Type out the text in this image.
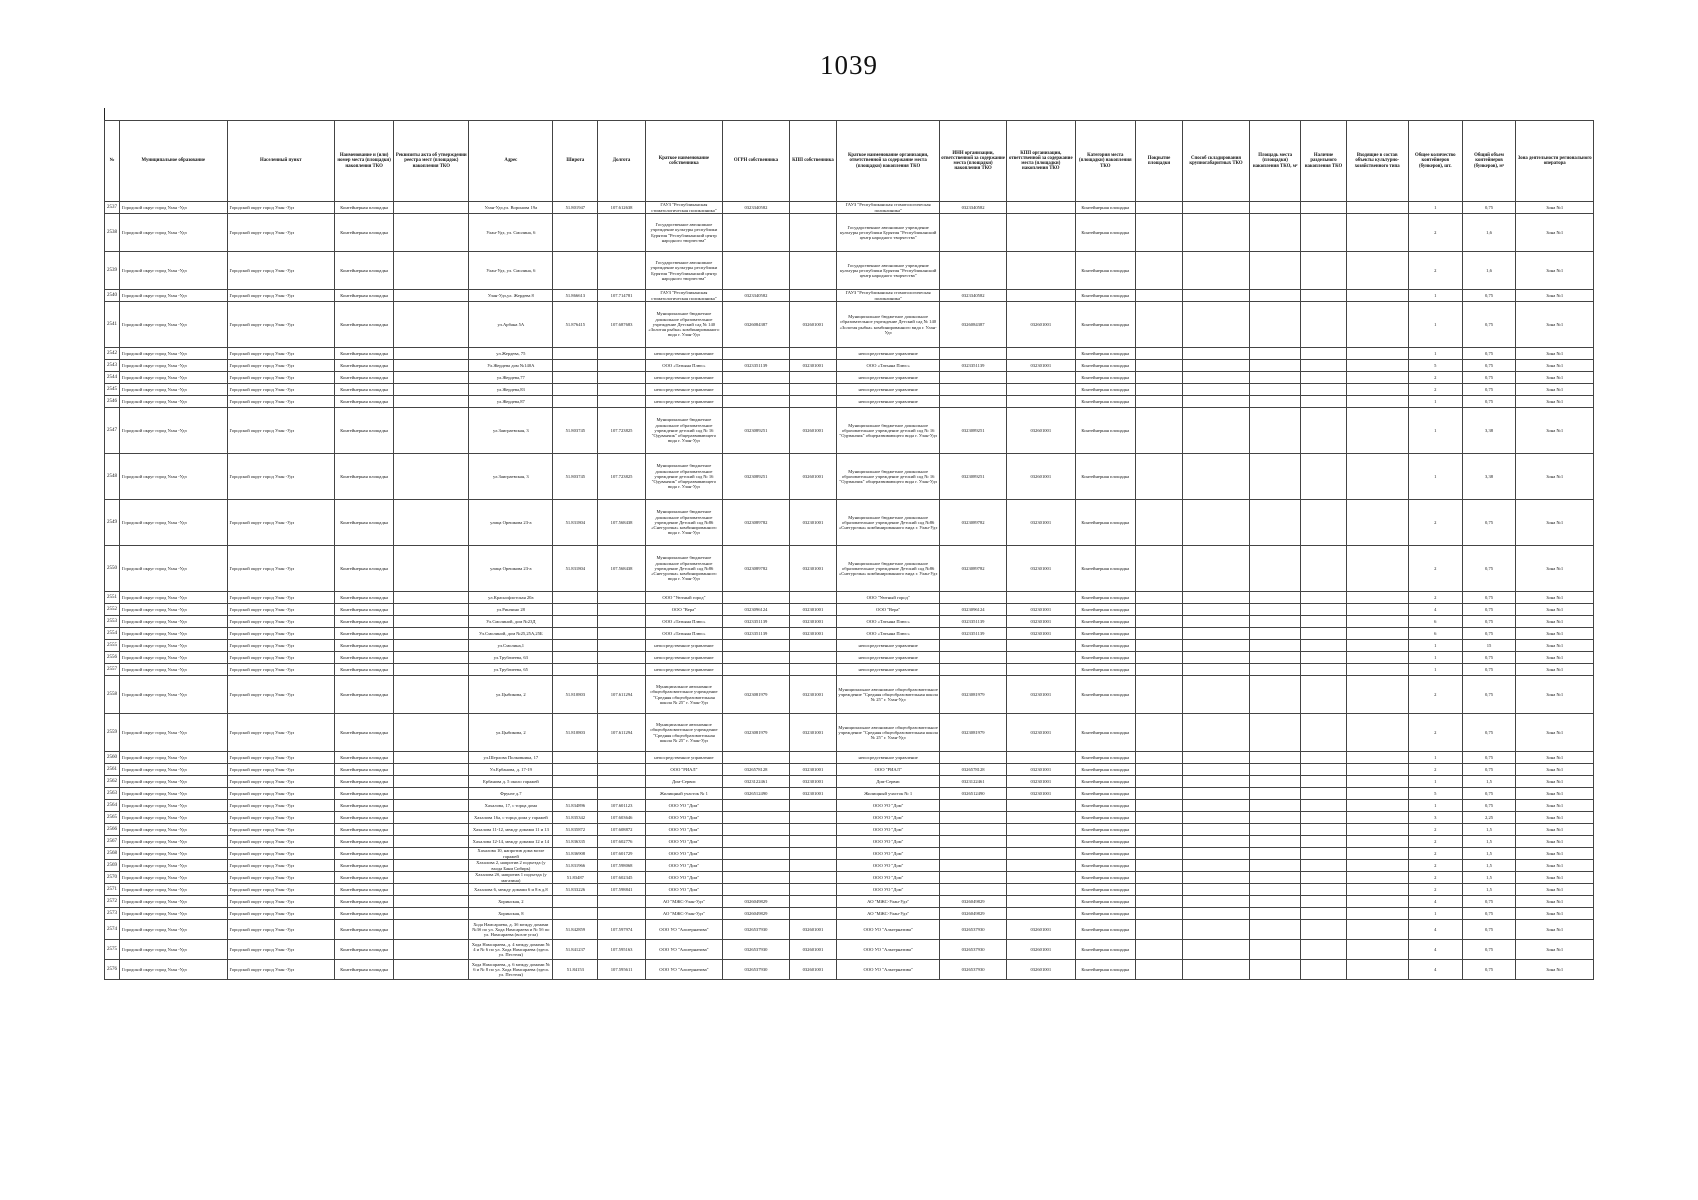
1039
№	Муниципальное образование	Населенный пункт	Наименование и (или) номер места (площадки) накопления ТКО	Реквизиты акта об утверждении реестра мест (площадок) накопления ТКО	Адрес	Широта	Долгота	Краткое наименование собственника	ОГРН собственника	КПП собственника	Краткое наименование организации, ответственной за содержание места (площадки) накопления ТКО	ИНН организации, ответственной за содержание места (площадки) накопления ТКО	КПП организации, ответственной за содержание места (площадки) накопления ТКО	Категория места (площадки) накопления ТКО	Покрытие площадки	Способ складирования крупногабаритных ТКО	Площадь места (площадки) накопления ТКО, м²	Наличие раздельного накопления ТКО	Входящие в состав объекты культурно-хозяйственного типа	Общее количество контейнеров (бункеров), шт.	Общий объем контейнеров (бункеров), м³	Зона деятельности регионального оператора
2537	Городской округ город Улан -Удэ	Городской округ город Улан -Удэ	Контейнерная площадка		Улан-Удэ,ул. Воронова 19а	51.801947	107.612638	ГАУЗ "Республиканская стоматологическая поликлиника"	0323340582		ГАУЗ "Республиканская стоматологическая поликлиника"	0323340582		Контейнерная площадка						1	0,75	Зона №1
2538	Городской округ город Улан -Удэ	Городской округ город Улан -Удэ	Контейнерная площадка		Улан-Удэ, ул. Смолина, 6			Государственное автономное учреждение культуры республики Бурятия "Республиканский центр народного творчества"			Государственное автономное учреждение культуры республики Бурятия "Республиканский центр народного творчества"			Контейнерная площадка						2	1,6	Зона №1
2539	Городской округ город Улан -Удэ	Городской округ город Улан -Удэ	Контейнерная площадка		Улан-Удэ, ул. Смолина, 6			Государственное автономное учреждение культуры республики Бурятия "Республиканский центр народного творчества"			Государственное автономное учреждение культуры республики Бурятия "Республиканский центр народного творчества"			Контейнерная площадка						2	1,6	Зона №1
2540	Городской округ город Улан -Удэ	Городской округ город Улан -Удэ	Контейнерная площадка		Улан-Удэ,ул. Жердева 8	51.866613	107.714781	ГАУЗ "Республиканская стоматологическая поликлиника"	0323340582		ГАУЗ "Республиканская стоматологическая поликлиника"	0323340582		Контейнерная площадка						1	0,75	Зона №1
2541	Городской округ город Улан -Удэ	Городской округ город Улан -Удэ	Контейнерная площадка		ул.Арбана 5А	51.876415	107.687683	Муниципальное бюджетное дошкольное образовательное учреждение Детский сад № 140 «Золотая рыбка» комбинированного вида г. Улан-Удэ	0326084387	032601001	Муниципальное бюджетное дошкольное образовательное учреждение Детский сад № 140 «Золотая рыбка» комбинированного вида г. Улан-Удэ	0326084387	032601001	Контейнерная площадка						1	0,75	Зона №1
2542	Городской округ город Улан -Удэ	Городской округ город Улан -Удэ	Контейнерная площадка		ул.Жердева, 75			непосредственное управление			непосредственное управление			Контейнерная площадка						1	0,75	Зона №1
2543	Городской округ город Улан -Удэ	Городской округ город Улан -Удэ	Контейнерная площадка		Ул.Жердева дом №140А			ООО «Татьяна Плюс»	0323351139	032301001	ООО «Татьяна Плюс»	0323351139	032301001	Контейнерная площадка						5	0,75	Зона №1
2544	Городской округ город Улан -Удэ	Городской округ город Улан -Удэ	Контейнерная площадка		ул.Жердева,77			непосредственное управление			непосредственное управление			Контейнерная площадка						2	0,75	Зона №1
2545	Городской округ город Улан -Удэ	Городской округ город Улан -Удэ	Контейнерная площадка		ул.Жердева,83			непосредственное управление			непосредственное управление			Контейнерная площадка						2	0,75	Зона №1
2546	Городской округ город Улан -Удэ	Городской округ город Улан -Удэ	Контейнерная площадка		ул.Жердева,87			непосредственное управление			непосредственное управление			Контейнерная площадка						1	0,75	Зона №1
2547	Городской округ город Улан -Удэ	Городской округ город Улан -Удэ	Контейнерная площадка		ул.Заиграевская, 3	51.803745	107.723825	Муниципальное бюджетное дошкольное образовательное учреждение детский сад № 16 "Одуванчик" общеразвивающего вида г. Улан-Удэ	0323089251	032601001	Муниципальное бюджетное дошкольное образовательное учреждение детский сад № 16 "Одуванчик" общеразвивающего вида г. Улан-Удэ	0323089251	032601001	Контейнерная площадка						1	3,38	Зона №1
2548	Городской округ город Улан -Удэ	Городской округ город Улан -Удэ	Контейнерная площадка		ул.Заиграевская, 3	51.803745	107.723825	Муниципальное бюджетное дошкольное образовательное учреждение детский сад № 16 "Одуванчик" общеразвивающего вида г. Улан-Удэ	0323089251	032601001	Муниципальное бюджетное дошкольное образовательное учреждение детский сад № 16 "Одуванчик" общеразвивающего вида г. Улан-Удэ	0323089251	032601001	Контейнерная площадка						1	3,38	Зона №1
2549	Городской округ город Улан -Удэ	Городской округ город Улан -Удэ	Контейнерная площадка		улица Орешкова 23-а	51.831804	107.568438	Муниципальное бюджетное дошкольное образовательное учреждение Детский сад №86 «Снегурочка» комбинированного вида г. Улан-Удэ	0323089782	032301001	Муниципальное бюджетное дошкольное образовательное учреждение Детский сад №86 «Снегурочка» комбинированного вида г. Улан-Удэ	0323089782	032301001	Контейнерная площадка						2	0,75	Зона №1
2550	Городской округ город Улан -Удэ	Городской округ город Улан -Удэ	Контейнерная площадка		улица Орешкова 23-а	51.831804	107.568438	Муниципальное бюджетное дошкольное образовательное учреждение Детский сад №86 «Снегурочка» комбинированного вида г. Улан-Удэ	0323089782	032301001	Муниципальное бюджетное дошкольное образовательное учреждение Детский сад №86 «Снегурочка» комбинированного вида г. Улан-Удэ	0323089782	032301001	Контейнерная площадка						2	0,75	Зона №1
2551	Городской округ город Улан -Удэ	Городской округ город Улан -Удэ	Контейнерная площадка		ул.Краснофлотская 20а			ООО "Уютный город"			ООО "Уютный город"			Контейнерная площадка						2	0,75	Зона №1
2552	Городской округ город Улан -Удэ	Городской округ город Улан -Удэ	Контейнерная площадка		ул.Ринчино 28			ООО "Вера"	0323096124	032301001	ООО "Вера"	0323096124	032301001	Контейнерная площадка						4	0,75	Зона №1
2553	Городской округ город Улан -Удэ	Городской округ город Улан -Удэ	Контейнерная площадка		Ул.Смолиной, дом №23Д			ООО «Татьяна Плюс»	0323351139	032301001	ООО «Татьяна Плюс»	0323351139	032301001	Контейнерная площадка						6	0,75	Зона №1
2554	Городской округ город Улан -Удэ	Городской округ город Улан -Удэ	Контейнерная площадка		Ул.Смолиной, дом №25,25А,25Б			ООО «Татьяна Плюс»	0323351139	032301001	ООО «Татьяна Плюс»	0323351139	032301001	Контейнерная площадка						6	0,75	Зона №1
2555	Городской округ город Улан -Удэ	Городской округ город Улан -Удэ	Контейнерная площадка		ул.Смолина,1			непосредственное управление			непосредственное управление			Контейнерная площадка						1	15	Зона №1
2556	Городской округ город Улан -Удэ	Городской округ город Улан -Удэ	Контейнерная площадка		ул.Трубачеева, 63			непосредственное управление			непосредственное управление			Контейнерная площадка						1	0,75	Зона №1
2557	Городской округ город Улан -Удэ	Городской округ город Улан -Удэ	Контейнерная площадка		ул.Трубачеева, 65			непосредственное управление			непосредственное управление			Контейнерная площадка						1	0,75	Зона №1
2558	Городской округ город Улан -Удэ	Городской округ город Улан -Удэ	Контейнерная площадка		ул.Цыбикова, 2	51.810803	107.611294	Муниципальное автономное общеобразовательное учреждение "Средняя общеобразовательная школа № 25" г. Улан-Удэ	0323081979	032301001	Муниципальное автономное общеобразовательное учреждение "Средняя общеобразовательная школа № 25" г. Улан-Удэ	0323081979	032301001	Контейнерная площадка						2	0,75	Зона №1
2559	Городской округ город Улан -Удэ	Городской округ город Улан -Удэ	Контейнерная площадка		ул.Цыбикова, 2	51.810803	107.611294	Муниципальное автономное общеобразовательное учреждение "Средняя общеобразовательная школа № 25" г. Улан-Удэ	0323081979	032301001	Муниципальное автономное общеобразовательное учреждение "Средняя общеобразовательная школа № 25" г. Улан-Удэ	0323081979	032301001	Контейнерная площадка						2	0,75	Зона №1
2560	Городской округ город Улан -Удэ	Городской округ город Улан -Удэ	Контейнерная площадка		ул.Шерлова Полковника, 17			непосредственное управление			непосредственное управление			Контейнерная площадка						1	0,75	Зона №1
2561	Городской округ город Улан -Удэ	Городской округ город Улан -Удэ	Контейнерная площадка		Ул.Ербанова, д. 17-19			ООО "РИАЛ"	0326578128	032301001	ООО "РИАЛ"	0326578128	032301001	Контейнерная площадка						2	0,75	Зона №1
2562	Городской округ город Улан -Удэ	Городской округ город Улан -Удэ	Контейнерная площадка		Ербанова д. 5 около гаражей			Дом-Сервис	0323122461	032301001	Дом-Сервис	0323122461	032301001	Контейнерная площадка						1	1,5	Зона №1
2563	Городской округ город Улан -Удэ	Городской округ город Улан -Удэ	Контейнерная площадка		Фрунзе д.7			Жилищный участок № 1	0326512490	032301001	Жилищный участок № 1	0326512490	032301001	Контейнерная площадка						5	0,75	Зона №1
2564	Городской округ город Улан -Удэ	Городской округ город Улан -Удэ	Контейнерная площадка		Хахалова, 17, с торца дома	51.834896	107.601123	ООО УО "Дом"			ООО УО "Дом"			Контейнерная площадка						1	0,75	Зона №1
2565	Городской округ город Улан -Удэ	Городской округ город Улан -Удэ	Контейнерная площадка		Хахалова 16а, с торца дома у гаражей	51.835342	107.603646	ООО УО "Дом"			ООО УО "Дом"			Контейнерная площадка						3	2,25	Зона №1
2566	Городской округ город Улан -Удэ	Городской округ город Улан -Удэ	Контейнерная площадка		Хахалова 11-12, между домами 11 и 13	51.835872	107.608872	ООО УО "Дом"			ООО УО "Дом"			Контейнерная площадка						2	1,5	Зона №1
2567	Городской округ город Улан -Удэ	Городской округ город Улан -Удэ	Контейнерная площадка		Хахалова 12-14, между домами 12 и 14	51.836335	107.602776	ООО УО "Дом"			ООО УО "Дом"			Контейнерная площадка						2	1,5	Зона №1
2568	Городской округ город Улан -Удэ	Городской округ город Улан -Удэ	Контейнерная площадка		Хахалова 10, напротив дома возле гаражей	51.836908	107.601729	ООО УО "Дом"			ООО УО "Дом"			Контейнерная площадка						2	1,5	Зона №1
2569	Городской округ город Улан -Удэ	Городской округ город Улан -Удэ	Контейнерная площадка		Хахалова 2, напротив 2 подъезда (у входа Бани Сибирь)	51.831966	107.598068	ООО УО "Дом"			ООО УО "Дом"			Контейнерная площадка						2	1,5	Зона №1
2570	Городской округ город Улан -Удэ	Городской округ город Улан -Удэ	Контейнерная площадка		Хахалова 2б, напротив 1 подъезда (у магазина)	51.83487	107.602345	ООО УО "Дом"			ООО УО "Дом"			Контейнерная площадка						2	1,5	Зона №1
2571	Городской округ город Улан -Удэ	Городской округ город Улан -Удэ	Контейнерная площадка		Хахалова 6, между домами 6 и 8 в д.8	51.833226	107.598841	ООО УО "Дом"			ООО УО "Дом"			Контейнерная площадка						2	1,5	Зона №1
2572	Городской округ город Улан -Удэ	Городской округ город Улан -Удэ	Контейнерная площадка		Хоринская, 2			АО "МЖС-Улан-Удэ"	0326049829		АО "МЖС-Улан-Удэ"	0326049829		Контейнерная площадка						4	0,75	Зона №1
2573	Городской округ город Улан -Удэ	Городской округ город Улан -Удэ	Контейнерная площадка		Хоринская, 8			АО "МЖС-Улан-Удэ"	0326049829		АО "МЖС-Улан-Удэ"	0326049829		Контейнерная площадка						1	0,75	Зона №1
2574	Городской округ город Улан -Удэ	Городской округ город Улан -Удэ	Контейнерная площадка		Хода Намсараева, д. 3б между домами №3б по ул. Хода Намсараева и № 5б по ул. Намсараева (возле угла)	51.842859	107.597974	ООО УО "Альтернатива"	0326537930	032601001	ООО УО "Альтернатива"	0326537930	032601001	Контейнерная площадка						4	0,75	Зона №1
2575	Городской округ город Улан -Удэ	Городской округ город Улан -Удэ	Контейнерная площадка		Хода Намсараева, д. 4 между домами № 4 и № 6 по ул. Хода Намсараева (здесь ул. Пестеля)	51.841237	107.595163	ООО УО "Альтернатива"	0326537930	032601001	ООО УО "Альтернатива"	0326537930	032601001	Контейнерная площадка						4	0,75	Зона №1
2576	Городской округ город Улан -Удэ	Городской округ город Улан -Удэ	Контейнерная площадка		Хода Намсараева, д. 6 между домами № 6 и № 8 по ул. Хода Намсараева (здесь ул. Пестеля)	51.84153	107.595611	ООО УО "Альтернатива"	0326537930	032601001	ООО УО "Альтернатива"	0326537930	032601001	Контейнерная площадка						4	0,75	Зона №1
